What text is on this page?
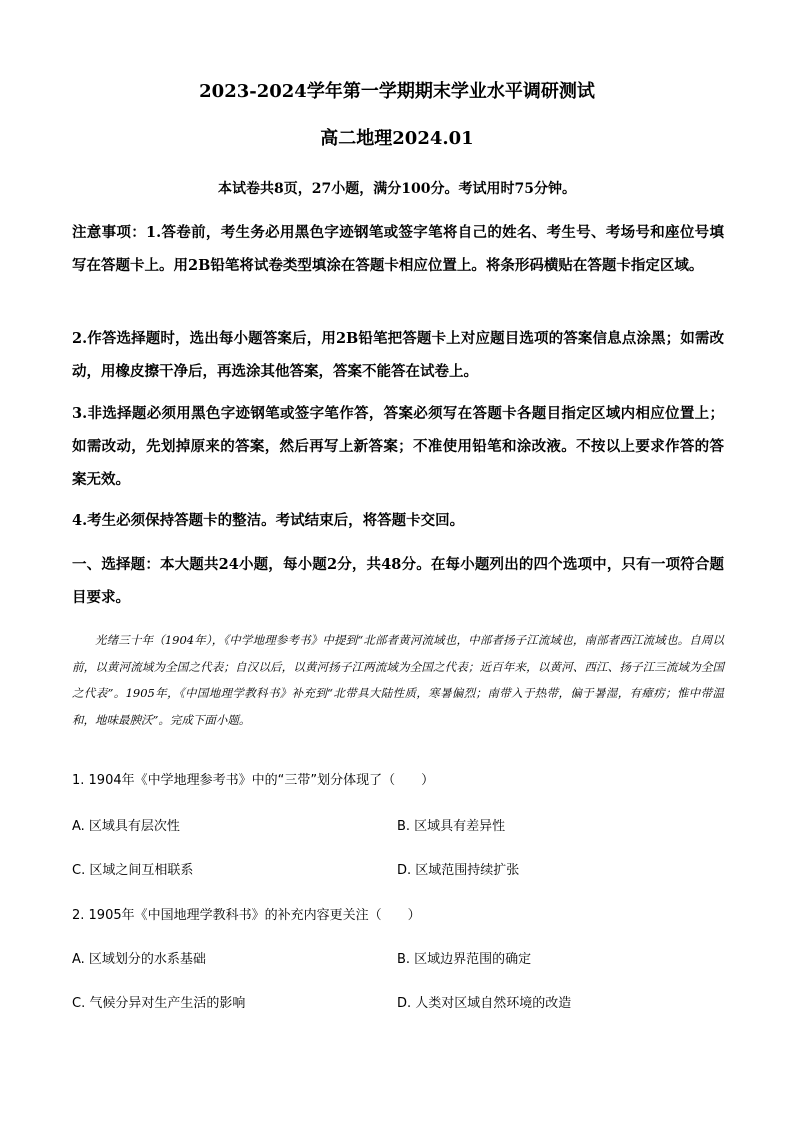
2023-2024学年第一学期期末学业水平调研测试
高二地理2024.01
本试卷共8页，27小题，满分100分。考试用时75分钟。
注意事项：1.答卷前，考生务必用黑色字迹钢笔或签字笔将自己的姓名、考生号、考场号和座位号填写在答题卡上。用2B铅笔将试卷类型填涂在答题卡相应位置上。将条形码横贴在答题卡指定区域。
2.作答选择题时，选出每小题答案后，用2B铅笔把答题卡上对应题目选项的答案信息点涂黑；如需改动，用橡皮擦干净后，再选涂其他答案，答案不能答在试卷上。
3.非选择题必须用黑色字迹钢笔或签字笔作答，答案必须写在答题卡各题目指定区域内相应位置上；如需改动，先划掉原来的答案，然后再写上新答案；不准使用铅笔和涂改液。不按以上要求作答的答案无效。
4.考生必须保持答题卡的整洁。考试结束后，将答题卡交回。
一、选择题：本大题共24小题，每小题2分，共48分。在每小题列出的四个选项中，只有一项符合题目要求。
光绪三十年（1904年），《中学地理参考书》中提到“北部者黄河流域也，中部者扬子江流域也，南部者西江流域也。自周以前，以黄河流域为全国之代表；自汉以后，以黄河扬子江两流域为全国之代表；近百年来，以黄河、西江、扬子江三流域为全国之代表”。1905年，《中国地理学教科书》补充到“北带具大陆性质，寒暑偏烈；南带入于热带，偏于暑湿，有瘴疠；惟中带温和，地味最腴沃”。完成下面小题。
1. 1904年《中学地理参考书》中的“三带”划分体现了（　　）
A. 区域具有层次性	B. 区域具有差异性
C. 区域之间互相联系	D. 区域范围持续扩张
2. 1905年《中国地理学教科书》的补充内容更关注（　　）
A. 区域划分的水系基础	B. 区域边界范围的确定
C. 气候分异对生产生活的影响	D. 人类对区域自然环境的改造
